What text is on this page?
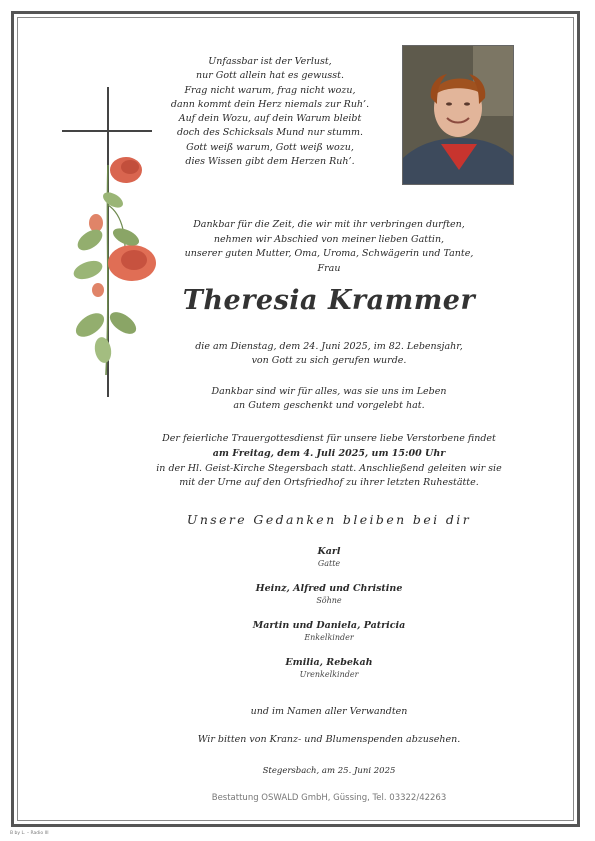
Unfassbar ist der Verlust,
nur Gott allein hat es gewusst.
Frag nicht warum, frag nicht wozu,
dann kommt dein Herz niemals zur Ruh’.
Auf dein Wozu, auf dein Warum bleibt
doch des Schicksals Mund nur stumm.
Gott weiß warum, Gott weiß wozu,
dies Wissen gibt dem Herzen Ruh’.
Dankbar für die Zeit, die wir mit ihr verbringen durften,
nehmen wir Abschied von meiner lieben Gattin,
unserer guten Mutter, Oma, Uroma, Schwägerin und Tante,
Frau
Theresia Krammer
die am Dienstag, dem 24. Juni 2025, im 82. Lebensjahr,
von Gott zu sich gerufen wurde.
Dankbar sind wir für alles, was sie uns im Leben
an Gutem geschenkt und vorgelebt hat.
Der feierliche Trauergottesdienst für unsere liebe Verstorbene findet
am Freitag, dem 4. Juli 2025, um 15:00 Uhr
in der Hl. Geist-Kirche Stegersbach statt. Anschließend geleiten wir sie
mit der Urne auf den Ortsfriedhof zu ihrer letzten Ruhestätte.
Unsere Gedanken bleiben bei dir
Karl
Gatte
Heinz, Alfred und Christine
Söhne
Martin und Daniela, Patricia
Enkelkinder
Emilia, Rebekah
Urenkelkinder
und im Namen aller Verwandten
Wir bitten von Kranz- und Blumenspenden abzusehen.
Stegersbach, am 25. Juni 2025
Bestattung OSWALD GmbH, Güssing, Tel. 03322/42263
B by L. – Radio III
